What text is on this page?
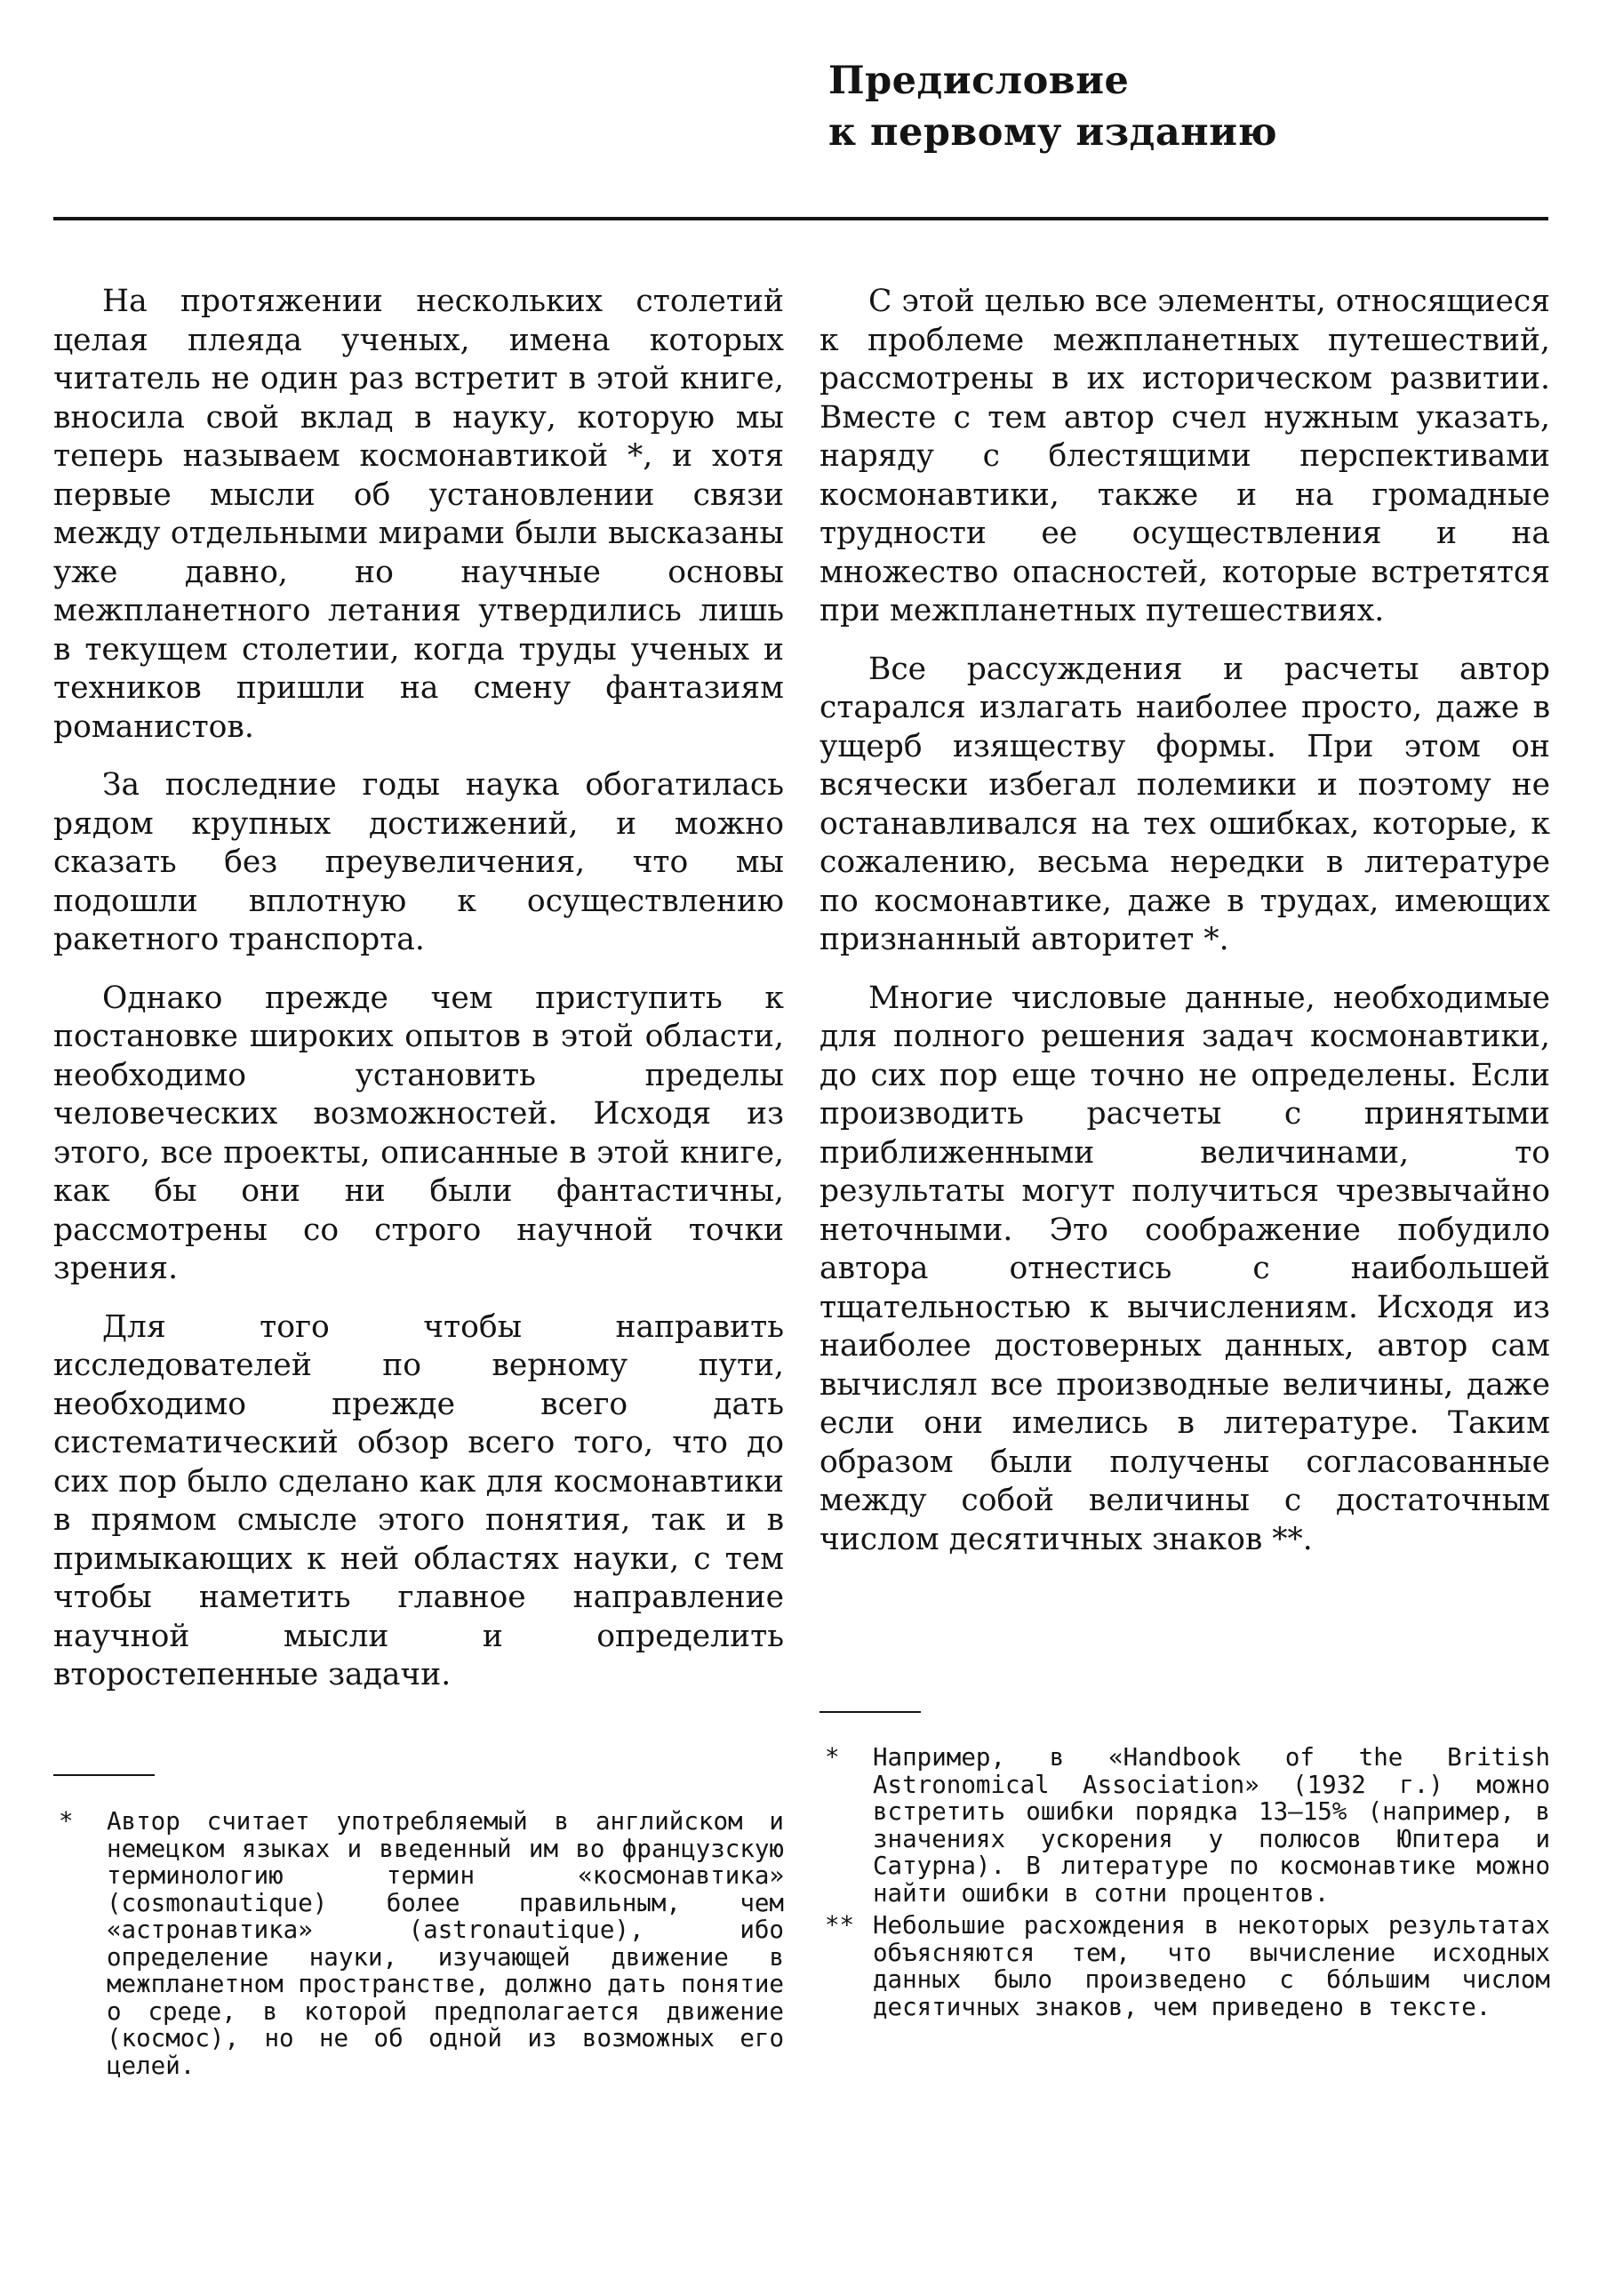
Предисловие
к первому изданию

На протяжении нескольких столетий целая плеяда ученых, имена которых читатель не один раз встретит в этой книге, вносила свой вклад в науку, которую мы теперь называем космонавтикой *, и хотя первые мысли об установлении связи между отдельными мирами были высказаны уже давно, но научные основы межпланетного летания утвердились лишь в текущем столетии, когда труды ученых и техников пришли на смену фантазиям романистов.

За последние годы наука обогатилась рядом крупных достижений, и можно сказать без преувеличения, что мы подошли вплотную к осуществлению ракетного транспорта.

Однако прежде чем приступить к постановке широких опытов в этой области, необходимо установить пределы человеческих возможностей. Исходя из этого, все проекты, описанные в этой книге, как бы они ни были фантастичны, рассмотрены со строго научной точки зрения.

Для того чтобы направить исследователей по верному пути, необходимо прежде всего дать систематический обзор всего того, что до сих пор было сделано как для космонавтики в прямом смысле этого понятия, так и в примыкающих к ней областях науки, с тем чтобы наметить главное направление научной мысли и определить второстепенные задачи.

С этой целью все элементы, относящиеся к проблеме межпланетных путешествий, рассмотрены в их историческом развитии. Вместе с тем автор счел нужным указать, наряду с блестящими перспективами космонавтики, также и на громадные трудности ее осуществления и на множество опасностей, которые встретятся при межпланетных путешествиях.

Все рассуждения и расчеты автор старался излагать наиболее просто, даже в ущерб изяществу формы. При этом он всячески избегал полемики и поэтому не останавливался на тех ошибках, которые, к сожалению, весьма нередки в литературе по космонавтике, даже в трудах, имеющих признанный авторитет *.

Многие числовые данные, необходимые для полного решения задач космонавтики, до сих пор еще точно не определены. Если производить расчеты с принятыми приближенными величинами, то результаты могут получиться чрезвычайно неточными. Это соображение побудило автора отнестись с наибольшей тщательностью к вычислениям. Исходя из наиболее достоверных данных, автор сам вычислял все производные величины, даже если они имелись в литературе. Таким образом были получены согласованные между собой величины с достаточным числом десятичных знаков **.

*	Автор считает употребляемый в английском и немецком языках и введенный им во французскую терминологию термин «космонавтика» (cosmonautique) более правильным, чем «астронавтика» (astronautique), ибо определение науки, изучающей движение в межпланетном пространстве, должно дать понятие о среде, в которой предполагается движение (космос), но не об одной из возможных его целей.
*	Например, в «Handbook of the British Astronomical Association» (1932 г.) можно встретить ошибки порядка 13—15% (например, в значениях ускорения у полюсов Юпитера и Сатурна). В литературе по космонавтике можно найти ошибки в сотни процентов.
** Небольшие расхождения в некоторых результатах объясняются тем, что вычисление исходных данных было произведено с бóльшим числом десятичных знаков, чем приведено в тексте.
